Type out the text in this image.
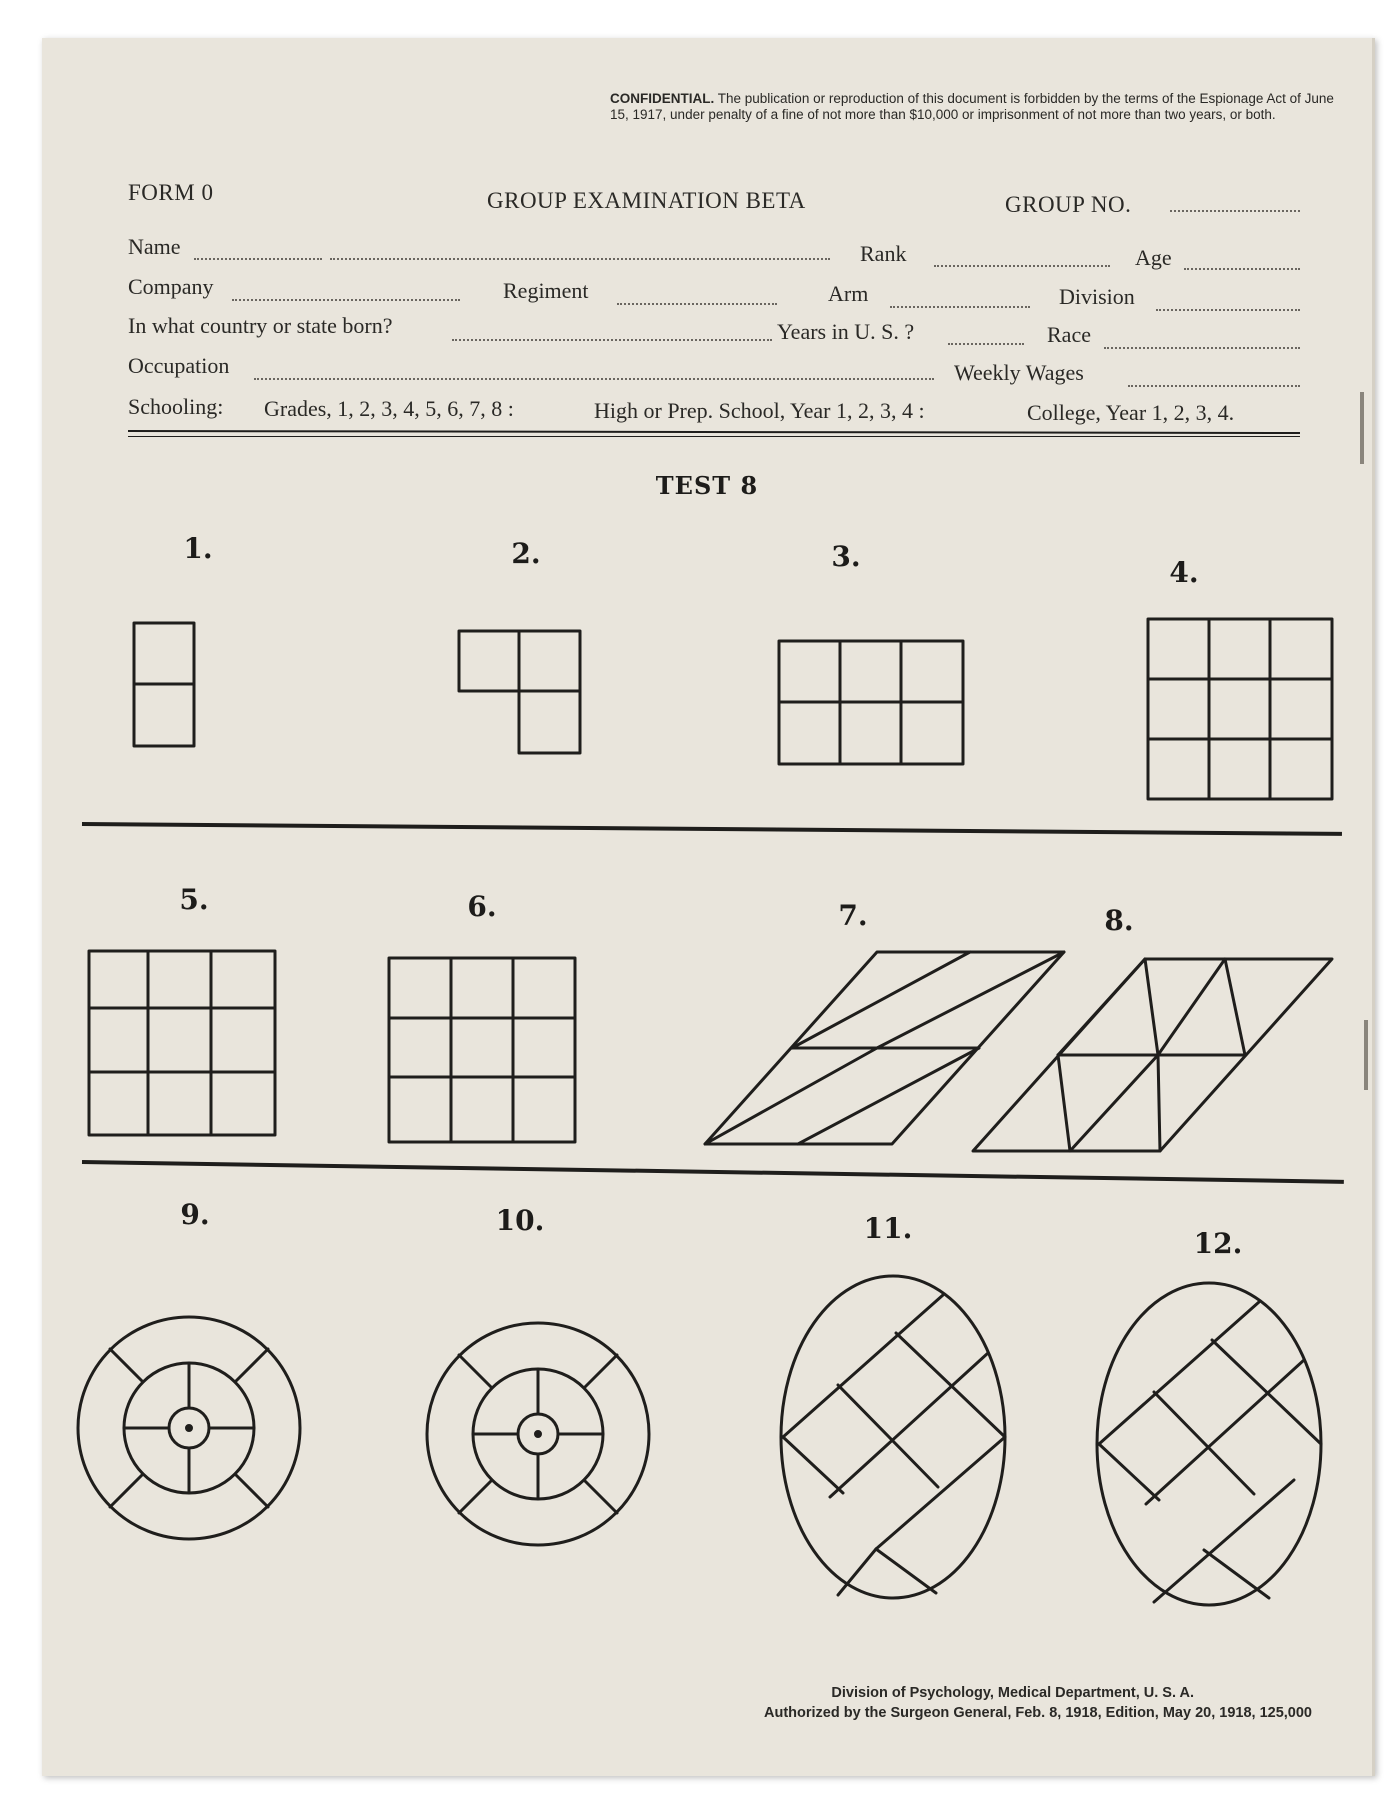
CONFIDENTIAL. The publication or reproduction of this document is forbidden by the terms of the Espionage Act of June 15, 1917, under penalty of a fine of not more than $10,000 or imprisonment of not more than two years, or both.
FORM 0	GROUP EXAMINATION BETA	GROUP NO.
Name	Rank	Age
Company	Regiment	Arm	Division
In what country or state born?	Years in U. S. ?	Race
Occupation	Weekly Wages
Schooling: Grades, 1, 2, 3, 4, 5, 6, 7, 8 :	High or Prep. School, Year 1, 2, 3, 4 :	College, Year 1, 2, 3, 4.
TEST 8
1.	2.	3.	4.
5.	6.	7.	8.
9.	10.	11.	12.
Division of Psychology, Medical Department, U. S. A.
Authorized by the Surgeon General, Feb. 8, 1918, Edition, May 20, 1918, 125,000
